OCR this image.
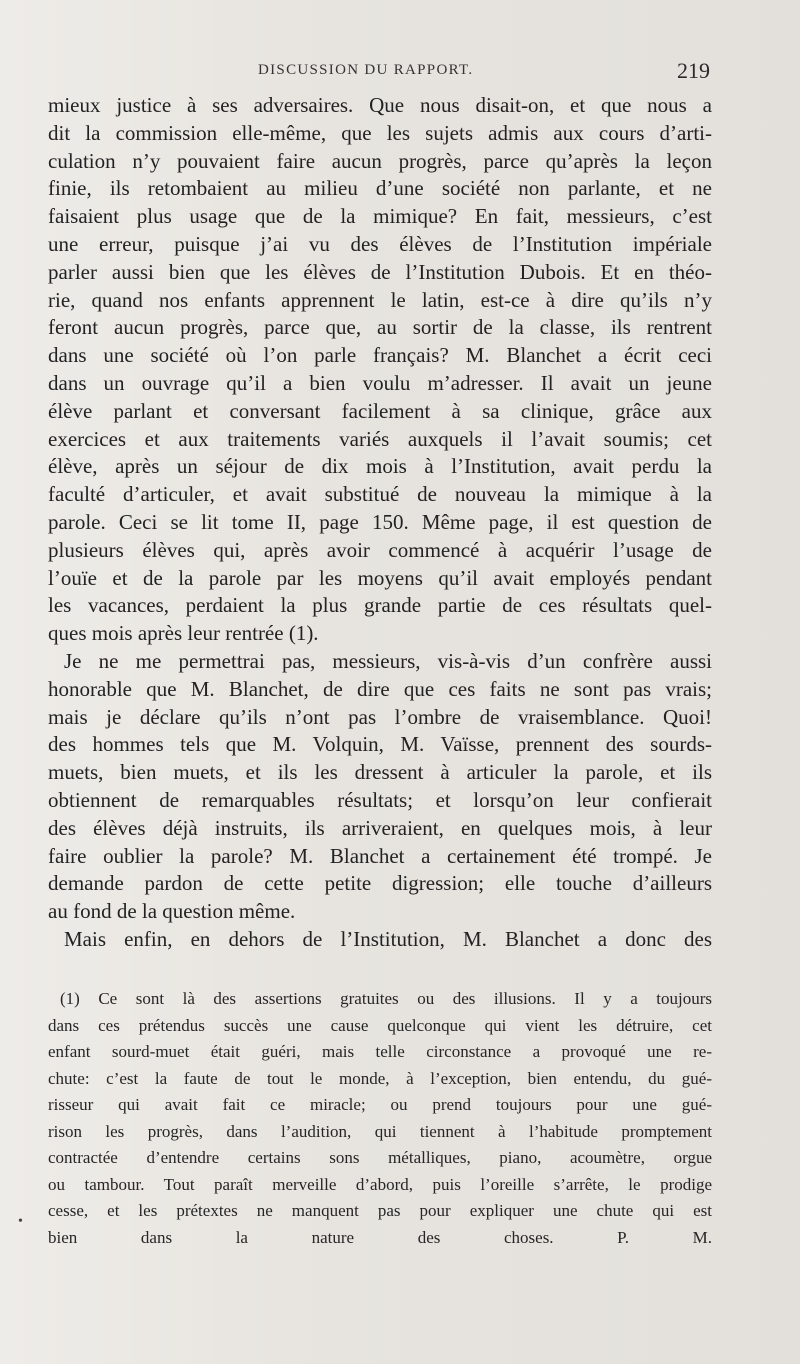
DISCUSSION DU RAPPORT.	219
mieux justice à ses adversaires. Que nous disait-on, et que nous a
dit la commission elle-même, que les sujets admis aux cours d’arti-
culation n’y pouvaient faire aucun progrès, parce qu’après la leçon
finie, ils retombaient au milieu d’une société non parlante, et ne
faisaient plus usage que de la mimique? En fait, messieurs, c’est
une erreur, puisque j’ai vu des élèves de l’Institution impériale
parler aussi bien que les élèves de l’Institution Dubois. Et en théo-
rie, quand nos enfants apprennent le latin, est-ce à dire qu’ils n’y
feront aucun progrès, parce que, au sortir de la classe, ils rentrent
dans une société où l’on parle français? M. Blanchet a écrit ceci
dans un ouvrage qu’il a bien voulu m’adresser. Il avait un jeune
élève parlant et conversant facilement à sa clinique, grâce aux
exercices et aux traitements variés auxquels il l’avait soumis; cet
élève, après un séjour de dix mois à l’Institution, avait perdu la
faculté d’articuler, et avait substitué de nouveau la mimique à la
parole. Ceci se lit tome II, page 150. Même page, il est question de
plusieurs élèves qui, après avoir commencé à acquérir l’usage de
l’ouïe et de la parole par les moyens qu’il avait employés pendant
les vacances, perdaient la plus grande partie de ces résultats quel-
ques mois après leur rentrée (1).
Je ne me permettrai pas, messieurs, vis-à-vis d’un confrère aussi
honorable que M. Blanchet, de dire que ces faits ne sont pas vrais;
mais je déclare qu’ils n’ont pas l’ombre de vraisemblance. Quoi!
des hommes tels que M. Volquin, M. Vaïsse, prennent des sourds-
muets, bien muets, et ils les dressent à articuler la parole, et ils
obtiennent de remarquables résultats; et lorsqu’on leur confierait
des élèves déjà instruits, ils arriveraient, en quelques mois, à leur
faire oublier la parole? M. Blanchet a certainement été trompé. Je
demande pardon de cette petite digression; elle touche d’ailleurs
au fond de la question même.
Mais enfin, en dehors de l’Institution, M. Blanchet a donc des
(1) Ce sont là des assertions gratuites ou des illusions. Il y a toujours
dans ces prétendus succès une cause quelconque qui vient les détruire, cet
enfant sourd-muet était guéri, mais telle circonstance a provoqué une re-
chute: c’est la faute de tout le monde, à l’exception, bien entendu, du gué-
risseur qui avait fait ce miracle; ou prend toujours pour une gué-
rison les progrès, dans l’audition, qui tiennent à l’habitude promptement
contractée d’entendre certains sons métalliques, piano, acoumètre, orgue
ou tambour. Tout paraît merveille d’abord, puis l’oreille s’arrête, le prodige
cesse, et les prétextes ne manquent pas pour expliquer une chute qui est
bien dans la nature des choses. P. M.
•
